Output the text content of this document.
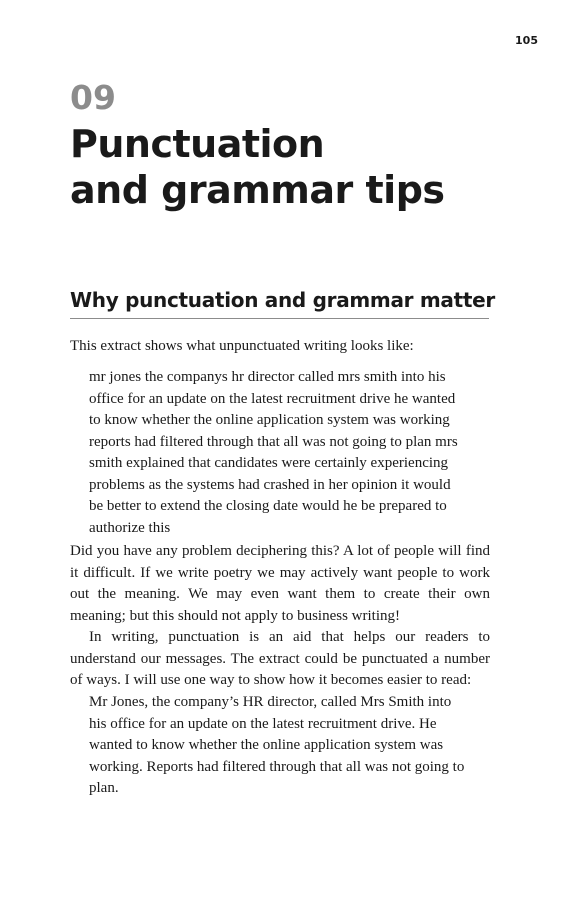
105
09
Punctuation
and grammar tips
Why punctuation and grammar matter

This extract shows what unpunctuated writing looks like:

mr jones the companys hr director called mrs smith into his
office for an update on the latest recruitment drive he wanted
to know whether the online application system was working
reports had filtered through that all was not going to plan mrs
smith explained that candidates were certainly experiencing
problems as the systems had crashed in her opinion it would
be better to extend the closing date would he be prepared to
authorize this

Did you have any problem deciphering this? A lot of people will find it difficult. If we write poetry we may actively want people to work out the meaning. We may even want them to create their own meaning; but this should not apply to business writing!

In writing, punctuation is an aid that helps our readers to understand our messages. The extract could be punctuated a number of ways. I will use one way to show how it becomes easier to read:

Mr Jones, the company’s HR director, called Mrs Smith into
his office for an update on the latest recruitment drive. He
wanted to know whether the online application system was
working. Reports had filtered through that all was not going to
plan.
